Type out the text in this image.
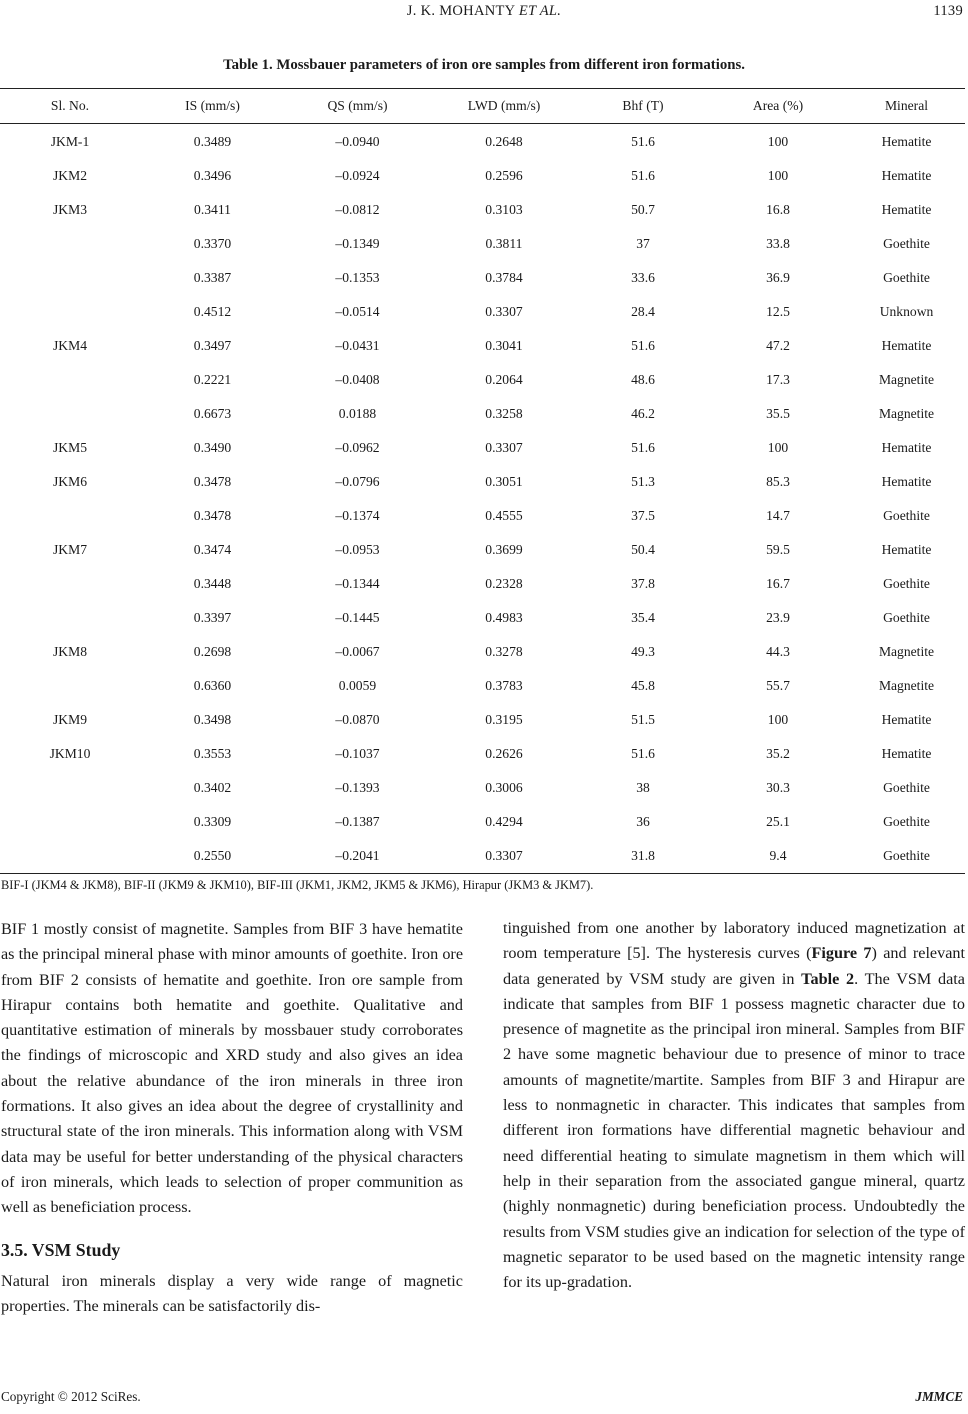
J. K. MOHANTY ET AL.	1139
Table 1. Mossbauer parameters of iron ore samples from different iron formations.
Sl. No.	IS (mm/s)	QS (mm/s)	LWD (mm/s)	Bhf (T)	Area (%)	Mineral
JKM-1	0.3489	–0.0940	0.2648	51.6	100	Hematite
JKM2	0.3496	–0.0924	0.2596	51.6	100	Hematite
JKM3	0.3411	–0.0812	0.3103	50.7	16.8	Hematite
	0.3370	–0.1349	0.3811	37	33.8	Goethite
	0.3387	–0.1353	0.3784	33.6	36.9	Goethite
	0.4512	–0.0514	0.3307	28.4	12.5	Unknown
JKM4	0.3497	–0.0431	0.3041	51.6	47.2	Hematite
	0.2221	–0.0408	0.2064	48.6	17.3	Magnetite
	0.6673	0.0188	0.3258	46.2	35.5	Magnetite
JKM5	0.3490	–0.0962	0.3307	51.6	100	Hematite
JKM6	0.3478	–0.0796	0.3051	51.3	85.3	Hematite
	0.3478	–0.1374	0.4555	37.5	14.7	Goethite
JKM7	0.3474	–0.0953	0.3699	50.4	59.5	Hematite
	0.3448	–0.1344	0.2328	37.8	16.7	Goethite
	0.3397	–0.1445	0.4983	35.4	23.9	Goethite
JKM8	0.2698	–0.0067	0.3278	49.3	44.3	Magnetite
	0.6360	0.0059	0.3783	45.8	55.7	Magnetite
JKM9	0.3498	–0.0870	0.3195	51.5	100	Hematite
JKM10	0.3553	–0.1037	0.2626	51.6	35.2	Hematite
	0.3402	–0.1393	0.3006	38	30.3	Goethite
	0.3309	–0.1387	0.4294	36	25.1	Goethite
	0.2550	–0.2041	0.3307	31.8	9.4	Goethite
BIF-I (JKM4 & JKM8), BIF-II (JKM9 & JKM10), BIF-III (JKM1, JKM2, JKM5 & JKM6), Hirapur (JKM3 & JKM7).

BIF 1 mostly consist of magnetite. Samples from BIF 3 have hematite as the principal mineral phase with minor amounts of goethite. Iron ore from BIF 2 consists of hematite and goethite. Iron ore sample from Hirapur contains both hematite and goethite. Qualitative and quantitative estimation of minerals by mossbauer study corroborates the findings of microscopic and XRD study and also gives an idea about the relative abundance of the iron minerals in three iron formations. It also gives an idea about the degree of crystallinity and structural state of the iron minerals. This information along with VSM data may be useful for better understanding of the physical characters of iron minerals, which leads to selection of proper communition as well as beneficiation process.

3.5. VSM Study

Natural iron minerals display a very wide range of magnetic properties. The minerals can be satisfactorily dis-

tinguished from one another by laboratory induced magnetization at room temperature [5]. The hysteresis curves (Figure 7) and relevant data generated by VSM study are given in Table 2. The VSM data indicate that samples from BIF 1 possess magnetic character due to presence of magnetite as the principal iron mineral. Samples from BIF 2 have some magnetic behaviour due to presence of minor to trace amounts of magnetite/martite. Samples from BIF 3 and Hirapur are less to nonmagnetic in character. This indicates that samples from different iron formations have differential magnetic behaviour and need differential heating to simulate magnetism in them which will help in their separation from the associated gangue mineral, quartz (highly nonmagnetic) during beneficiation process. Undoubtedly the results from VSM studies give an indication for selection of the type of magnetic separator to be used based on the magnetic intensity range for its up-gradation.

Copyright © 2012 SciRes.	JMMCE
